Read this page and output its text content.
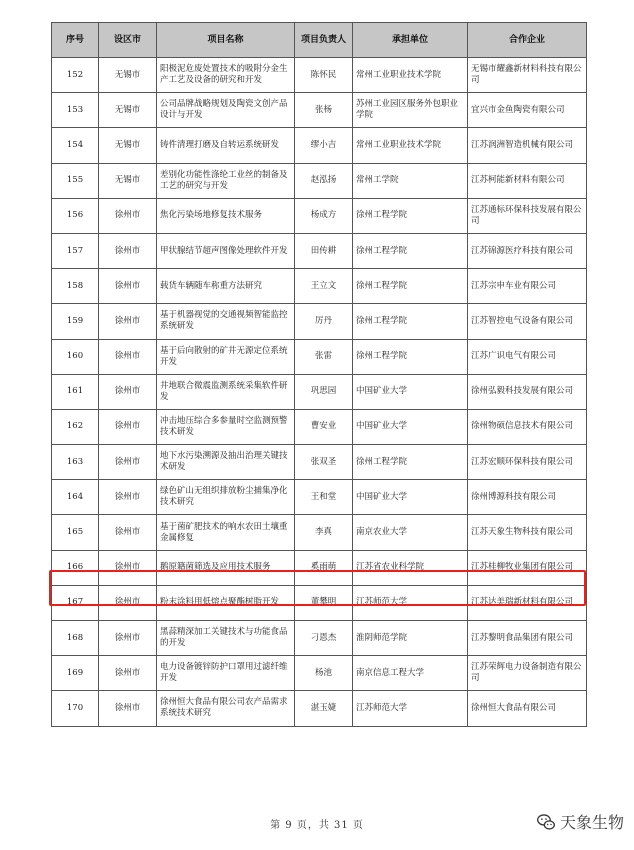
序号	设区市	项目名称	项目负责人	承担单位	合作企业
152	无锡市	阳极泥危废处置技术的吸附分金生产工艺及设备的研究和开发	陈怀民	常州工业职业技术学院	无锡市耀鑫新材料科技有限公司
153	无锡市	公司品牌战略规划及陶瓷文创产品设计与开发	张杨	苏州工业园区服务外包职业学院	宜兴市金鱼陶瓷有限公司
154	无锡市	铸件清理打磨及自转运系统研发	缪小吉	常州工业职业技术学院	江苏润洲智造机械有限公司
155	无锡市	差别化功能性涤纶工业丝的制备及工艺的研究与开发	赵泓扬	常州工学院	江苏柯能新材料有限公司
156	徐州市	焦化污染场地修复技术服务	杨成方	徐州工程学院	江苏通标环保科技发展有限公司
157	徐州市	甲状腺结节超声图像处理软件开发	田传耕	徐州工程学院	江苏锦源医疗科技有限公司
158	徐州市	载货车辆随车称重方法研究	王立文	徐州工程学院	江苏宗申车业有限公司
159	徐州市	基于机器视觉的交通视频智能监控系统研发	厉丹	徐州工程学院	江苏智控电气设备有限公司
160	徐州市	基于后向散射的矿井无源定位系统开发	张雷	徐州工程学院	江苏广识电气有限公司
161	徐州市	井地联合微震监测系统采集软件研发	巩思园	中国矿业大学	徐州弘毅科技发展有限公司
162	徐州市	冲击地压综合多参量时空监测预警技术研发	曹安业	中国矿业大学	徐州物硕信息技术有限公司
163	徐州市	地下水污染溯源及抽出治理关键技术研发	张双圣	徐州工程学院	江苏宏顺环保科技有限公司
164	徐州市	绿色矿山无组织排放粉尘捕集净化技术研究	王和堂	中国矿业大学	徐州博源科技有限公司
165	徐州市	基于菌矿肥技术的响水农田土壤重金属修复	李真	南京农业大学	江苏天象生物科技有限公司
166	徐州市	鹅原籍菌筛选及应用技术服务	奚雨萌	江苏省农业科学院	江苏桂柳牧业集团有限公司
167	徐州市	粉末涂料用低熔点聚酯树脂开发	董攀明	江苏师范大学	江苏达美瑞新材料有限公司
168	徐州市	黑蒜精深加工关键技术与功能食品的开发	刁恩杰	淮阴师范学院	江苏黎明食品集团有限公司
169	徐州市	电力设备镀锌防护口罩用过滤纤维开发	杨池	南京信息工程大学	江苏荣辉电力设备制造有限公司
170	徐州市	徐州恒大食品有限公司农产品需求系统技术研究	湛玉婕	江苏师范大学	徐州恒大食品有限公司
第 9 页，共 31 页	天象生物
